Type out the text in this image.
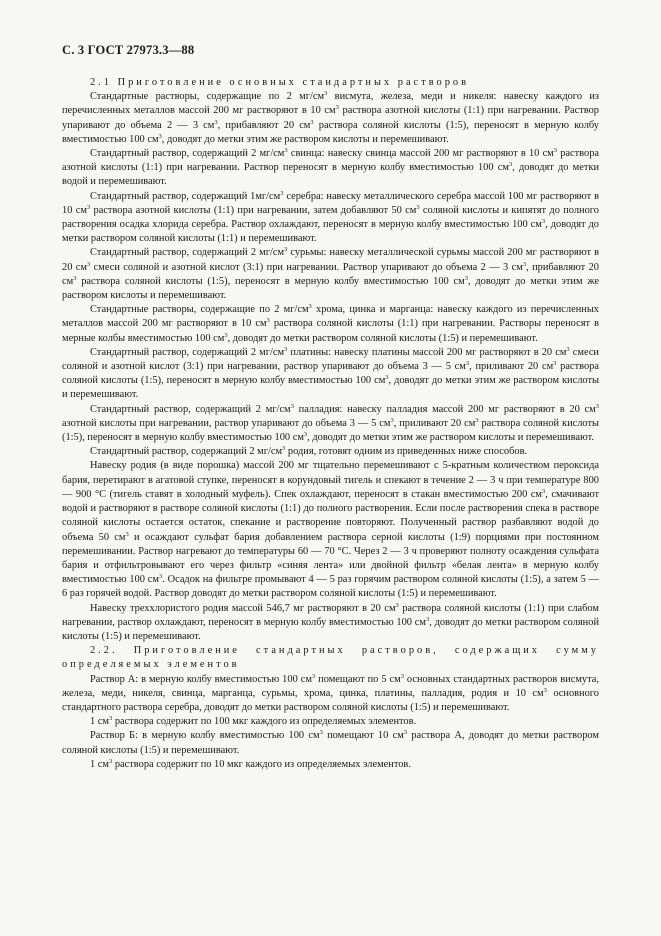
С. 3 ГОСТ 27973.3—88

2.1 Приготовление основных стандартных растворов

Стандартные растворы, содержащие по 2 $мг/см^3$ висмута, железа, меди и никеля: навеску каждого из перечисленных металлов массой 200 мг растворяют в 10 $см^3$ раствора азотной кислоты (1:1) при нагревании. Раствор упаривают до объема 2 — 3 $см^3$, прибавляют 20 $см^3$ раствора соляной кислоты (1:5), переносят в мерную колбу вместимостью 100 $см^3$, доводят до метки этим же раствором кислоты и перемешивают.

Стандартный раствор, содержащий 2 $мг/см^3$ свинца: навеску свинца массой 200 мг растворяют в 10 $см^3$ раствора азотной кислоты (1:1) при нагревании. Раствор переносят в мерную колбу вместимостью 100 $см^3$, доводят до метки водой и перемешивают.

Стандартный раствор, содержащий $1мг/см^3$ серебра: навеску металлического серебра массой 100 мг растворяют в 10 $см^3$ раствора азотной кислоты (1:1) при нагревании, затем добавляют 50 $см^3$ соляной кислоты и кипятят до полного растворения осадка хлорида серебра. Раствор охлаждают, переносят в мерную колбу вместимостью 100 $см^3$, доводят до метки раствором соляной кислоты (1:1) и перемешивают.

Стандартный раствор, содержащий 2 $мг/см^3$ сурьмы: навеску металлической сурьмы массой 200 мг растворяют в 20 $см^3$ смеси соляной и азотной кислот (3:1) при нагревании. Раствор упаривают до объема 2 — 3 $см^3$, прибавляют 20 $см^3$ раствора соляной кислоты (1:5), переносят в мерную колбу вместимостью 100 $см^3$, доводят до метки этим же раствором кислоты и перемешивают.

Стандартные растворы, содержащие по 2 $мг/см^3$ хрома, цинка и марганца: навеску каждого из перечисленных металлов массой 200 мг растворяют в 10 $см^3$ раствора соляной кислоты (1:1) при нагревании. Растворы переносят в мерные колбы вместимостью 100 $см^3$, доводят до метки раствором соляной кислоты (1:5) и перемешивают.

Стандартный раствор, содержащий 2 $мг/см^3$ платины: навеску платины массой 200 мг растворяют в 20 $см^3$ смеси соляной и азотной кислот (3:1) при нагревании, раствор упаривают до объема 3 — 5 $см^3$, приливают 20 $см^3$ раствора соляной кислоты (1:5), переносят в мерную колбу вместимостью 100 $см^3$, доводят до метки этим же раствором кислоты и перемешивают.

Стандартный раствор, содержащий 2 $мг/см^3$ палладия: навеску палладия массой 200 мг растворяют в 20 $см^3$ азотной кислоты при нагревании, раствор упаривают до объема 3 — 5 $см^3$, приливают 20 $см^3$ раствора соляной кислоты (1:5), переносят в мерную колбу вместимостью 100 $см^3$, доводят до метки этим же раствором кислоты и перемешивают.

Стандартный раствор, содержащий 2 $мг/см^3$ родия, готовят одним из приведенных ниже способов.

Навеску родия (в виде порошка) массой 200 мг тщательно перемешивают с 5-кратным количеством пероксида бария, перетирают в агатовой ступке, переносят в корундовый тигель и спекают в течение 2 — 3 ч при температуре 800 — 900 °С (тигель ставят в холодный муфель). Спек охлаждают, переносят в стакан вместимостью 200 $см^3$, смачивают водой и растворяют в растворе соляной кислоты (1:1) до полного растворения. Если после растворения спека в растворе соляной кислоты остается остаток, спекание и растворение повторяют. Полученный раствор разбавляют водой до объема 50 $см^3$ и осаждают сульфат бария добавлением раствора серной кислоты (1:9) порциями при постоянном перемешивании. Раствор нагревают до температуры 60 — 70 °С. Через 2 — 3 ч проверяют полноту осаждения сульфата бария и отфильтровывают его через фильтр «синяя лента» или двойной фильтр «белая лента» в мерную колбу вместимостью 100 $см^3$. Осадок на фильтре промывают 4 — 5 раз горячим раствором соляной кислоты (1:5), а затем 5 — 6 раз горячей водой. Раствор доводят до метки раствором соляной кислоты (1:5) и перемешивают.

Навеску треххлористого родия массой 546,7 мг растворяют в 20 $см^3$ раствора соляной кислоты (1:1) при слабом нагревании, раствор охлаждают, переносят в мерную колбу вместимостью 100 $см^3$, доводят до метки раствором соляной кислоты (1:5) и перемешивают.

2.2. Приготовление стандартных растворов, содержащих сумму определяемых элементов

Раствор А: в мерную колбу вместимостью 100 $см^3$ помещают по 5 $см^3$ основных стандартных растворов висмута, железа, меди, никеля, свинца, марганца, сурьмы, хрома, цинка, платины, палладия, родия и 10 $см^3$ основного стандартного раствора серебра, доводят до метки раствором соляной кислоты (1:5) и перемешивают.

1 $см^3$ раствора содержит по 100 мкг каждого из определяемых элементов.

Раствор Б: в мерную колбу вместимостью 100 $см^3$ помещают 10 $см^3$ раствора А, доводят до метки раствором соляной кислоты (1:5) и перемешивают.

1 $см^3$ раствора содержит по 10 мкг каждого из определяемых элементов.
